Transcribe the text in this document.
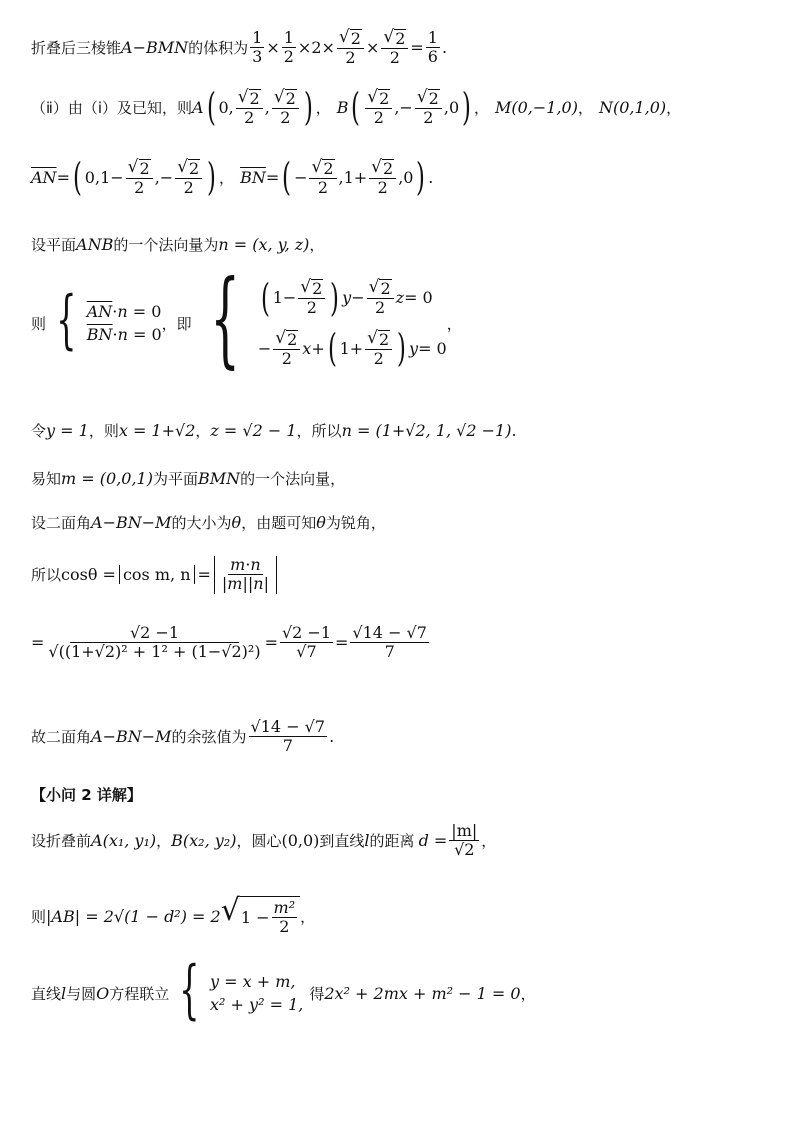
折叠后三棱锥 A−BMN 的体积为 $\frac{1}{3} \times \frac{1}{2} \times 2\times \frac{√ 2}{2} \times \frac{√ 2}{2} = \frac{1}{6}$ .
（ⅱ）由（ⅰ）及已知，则 A ( 0, $\frac{√ 2}{2}$ , $\frac{√ 2}{2}$ ) ， B ( $\frac{√ 2}{2}$ ,− $\frac{√ 2}{2} ,0$ ) ， M(0,−1,0) ， N(0,1,0) ，
$\overline{AN}$ = ( $0,1- \frac{√ 2}{2}$ ,− $\frac{√ 2}{2}$ ) ， $\overline{BN}$ = ( − $\frac{√ 2}{2} ,1+ \frac{√ 2}{2} ,0$ ) .
设平面 ANB 的一个法向量为 n = (x, y, z) ，
则 { $\overline{AN}\cdot n = 0$
$\overline{BN}\cdot n = 0$
，即 { ( $1- \frac{√ 2}{2}$ ) $y - \frac{√ 2}{2}$ z = 0
− $\frac{√ 2}{2}$ x + ( $1+ \frac{√ 2}{2}$ ) y = 0
，
令 y = 1 ，则 x = 1+√2 ， z = √2 − 1 ，所以 n = (1+√2, 1, √2 −1) .
易知 m = (0,0,1) 为平面 BMN 的一个法向量，
设二面角 A−BN−M 的大小为 θ ，由题可知 θ 为锐角，
所以 cosθ = cos m, $n = \frac{m\cdot n}{|m||n|}$
= $\frac{√2 -1}{\text{√((1+√2)² + 1² + (1−√2)²)}} = \frac{√2 -1}{√7} = \frac{√14 - √7}{7}$
故二面角 A−BN−M 的余弦值为 $\frac{√14 - √7}{7}$ .
【小问 2 详解】
设折叠前 A(x₁, y₁) ， B(x₂, y₂) ，圆心 (0,0) 到直线 l 的距离 $d = \frac{|m|}{√2}$ ，
则 |AB| = 2√(1 − d²) = 2 √ $1 - \frac{\text{m²}}{2}$ ，
直线 l 与圆 O 方程联立 { y = x + m,
x² + y² = 1,
得 2x² + 2mx + m² − 1 = 0 ，
